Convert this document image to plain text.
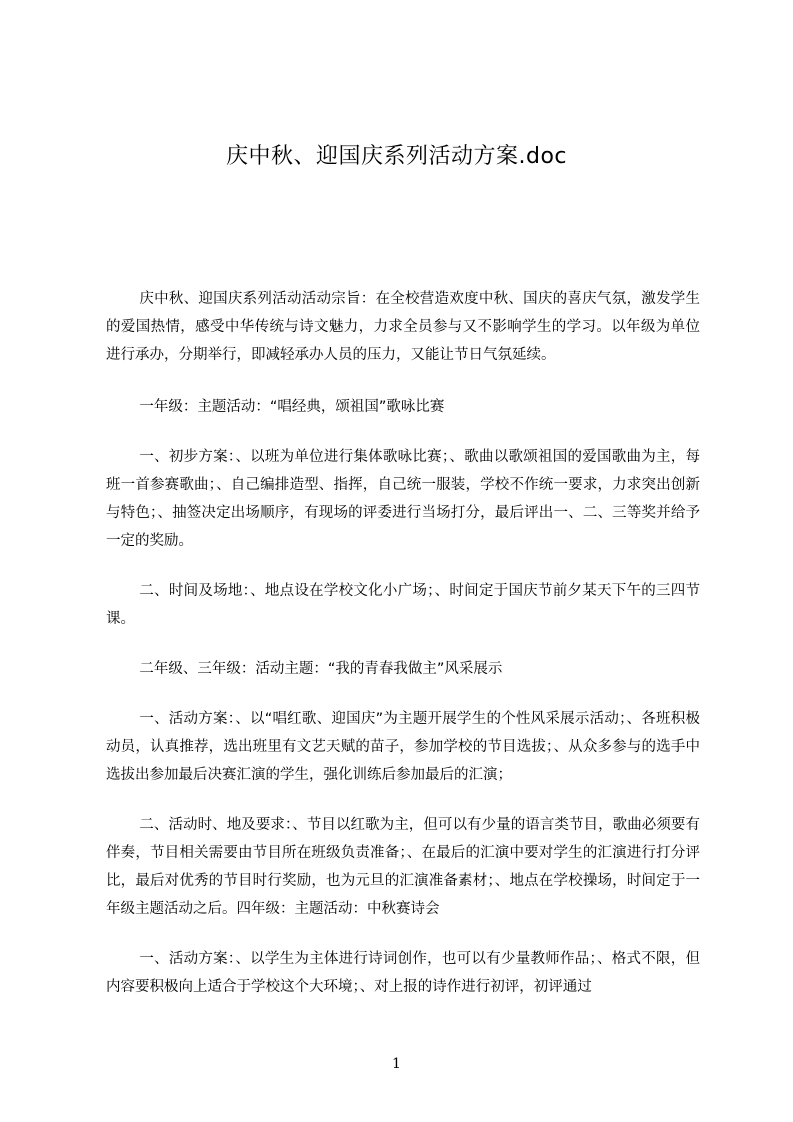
庆中秋、迎国庆系列活动方案.doc

庆中秋、迎国庆系列活动活动宗旨：在全校营造欢度中秋、国庆的喜庆气氛，激发学生的爱国热情，感受中华传统与诗文魅力，力求全员参与又不影响学生的学习。以年级为单位进行承办，分期举行，即减轻承办人员的压力，又能让节日气氛延续。

一年级：主题活动：“唱经典，颂祖国”歌咏比赛

一、初步方案：、以班为单位进行集体歌咏比赛；、歌曲以歌颂祖国的爱国歌曲为主，每班一首参赛歌曲；、自己编排造型、指挥，自己统一服装，学校不作统一要求，力求突出创新与特色；、抽签决定出场顺序，有现场的评委进行当场打分，最后评出一、二、三等奖并给予一定的奖励。

二、时间及场地：、地点设在学校文化小广场；、时间定于国庆节前夕某天下午的三四节课。

二年级、三年级：活动主题：“我的青春我做主”风采展示

一、活动方案：、以“唱红歌、迎国庆”为主题开展学生的个性风采展示活动；、各班积极动员，认真推荐，选出班里有文艺天赋的苗子，参加学校的节目选拔；、从众多参与的选手中选拔出参加最后决赛汇演的学生，强化训练后参加最后的汇演；

二、活动时、地及要求：、节目以红歌为主，但可以有少量的语言类节目，歌曲必须要有伴奏，节目相关需要由节目所在班级负责准备；、在最后的汇演中要对学生的汇演进行打分评比，最后对优秀的节目时行奖励，也为元旦的汇演准备素材；、地点在学校操场，时间定于一年级主题活动之后。四年级：主题活动：中秋赛诗会

一、活动方案：、以学生为主体进行诗词创作，也可以有少量教师作品；、格式不限，但内容要积极向上适合于学校这个大环境；、对上报的诗作进行初评，初评通过

1
